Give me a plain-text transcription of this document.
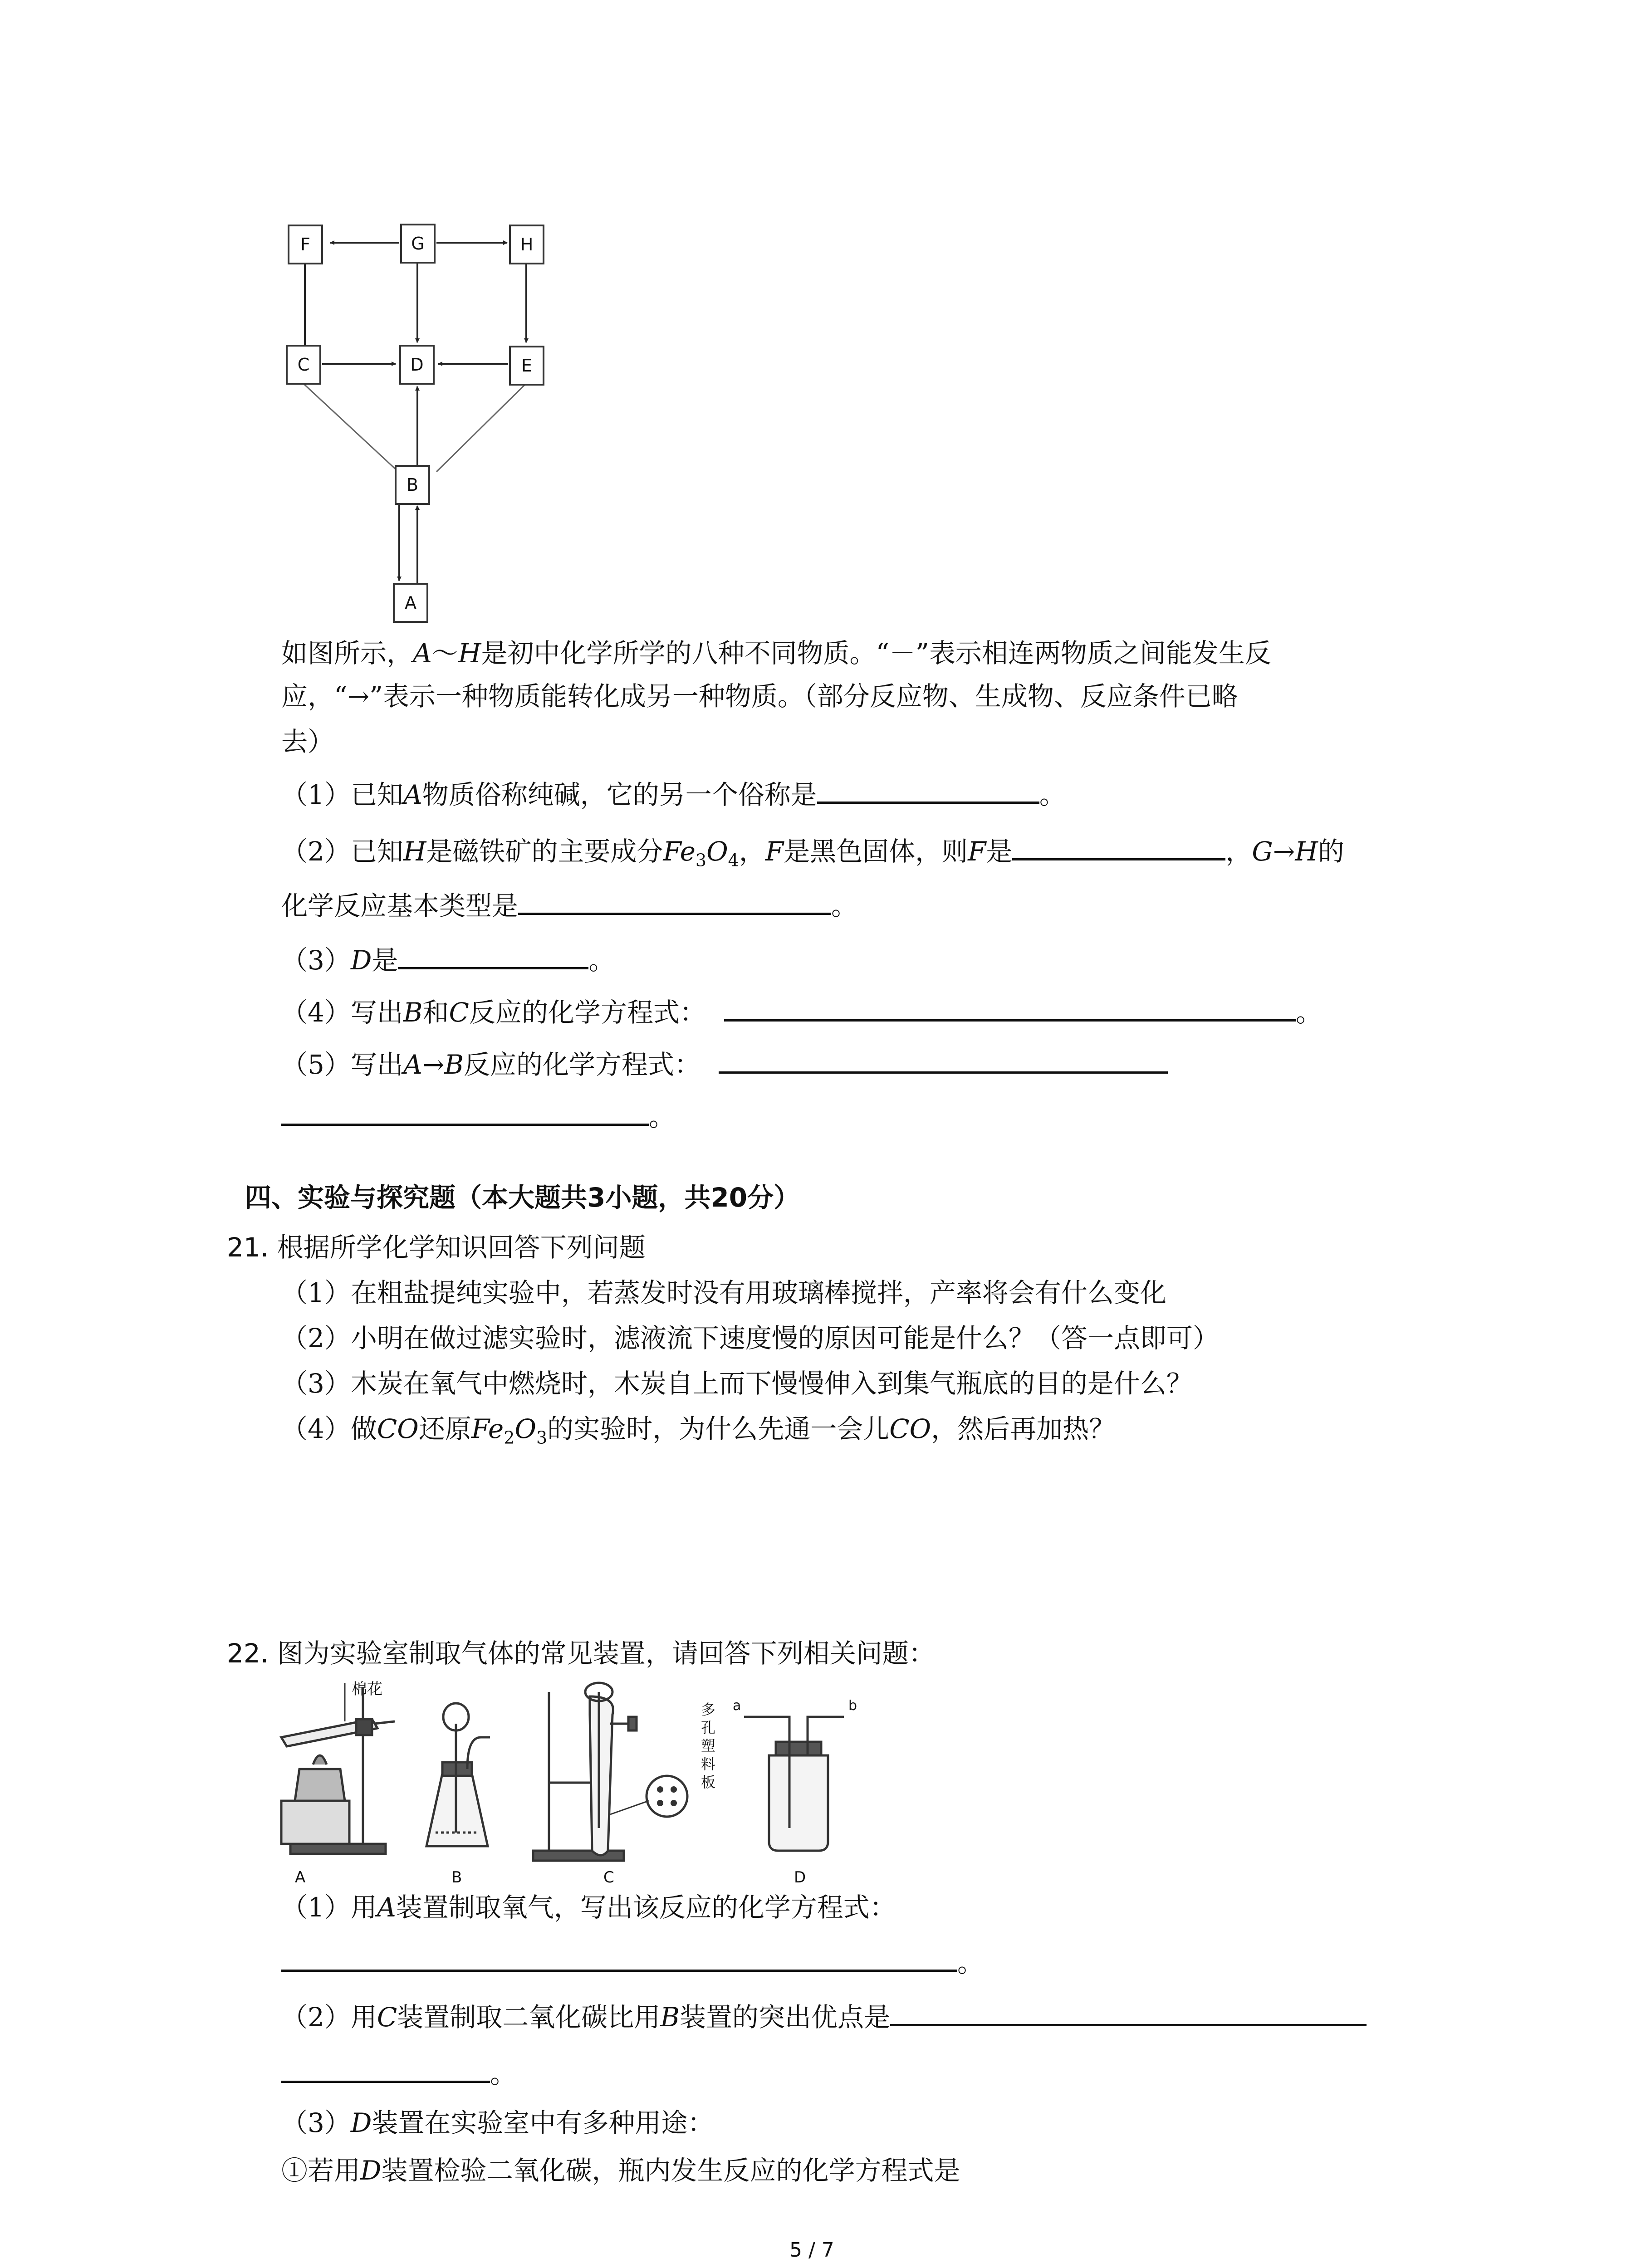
F	G	H
C	D	E
B
A
如图所示，A～H是初中化学所学的八种不同物质。“－”表示相连两物质之间能发生反
应，“→”表示一种物质能转化成另一种物质。（部分反应物、生成物、反应条件已略
去）
（1）已知A物质俗称纯碱，它的另一个俗称是	。
（2）已知H是磁铁矿的主要成分$Fe_3O_4$，F是黑色固体，则F是	，G→H的
化学反应基本类型是	。
（3）D是	。
（4）写出B和C反应的化学方程式：	。
（5）写出A→B反应的化学方程式：
。
四、实验与探究题（本大题共3小题，共20分）
21. 根据所学化学知识回答下列问题
（1）在粗盐提纯实验中，若蒸发时没有用玻璃棒搅拌，产率将会有什么变化
（2）小明在做过滤实验时，滤液流下速度慢的原因可能是什么？（答一点即可）
（3）木炭在氧气中燃烧时，木炭自上而下慢慢伸入到集气瓶底的目的是什么？
（4）做CO还原$Fe_2O_3$的实验时，为什么先通一会儿CO，然后再加热？
22. 图为实验室制取气体的常见装置，请回答下列相关问题：
棉花
多
孔
塑
料
板
a	b
A	B	C	D
（1）用A装置制取氧气，写出该反应的化学方程式：
。
（2）用C装置制取二氧化碳比用B装置的突出优点是
。
（3）D装置在实验室中有多种用途：
①若用D装置检验二氧化碳，瓶内发生反应的化学方程式是
5 / 7
